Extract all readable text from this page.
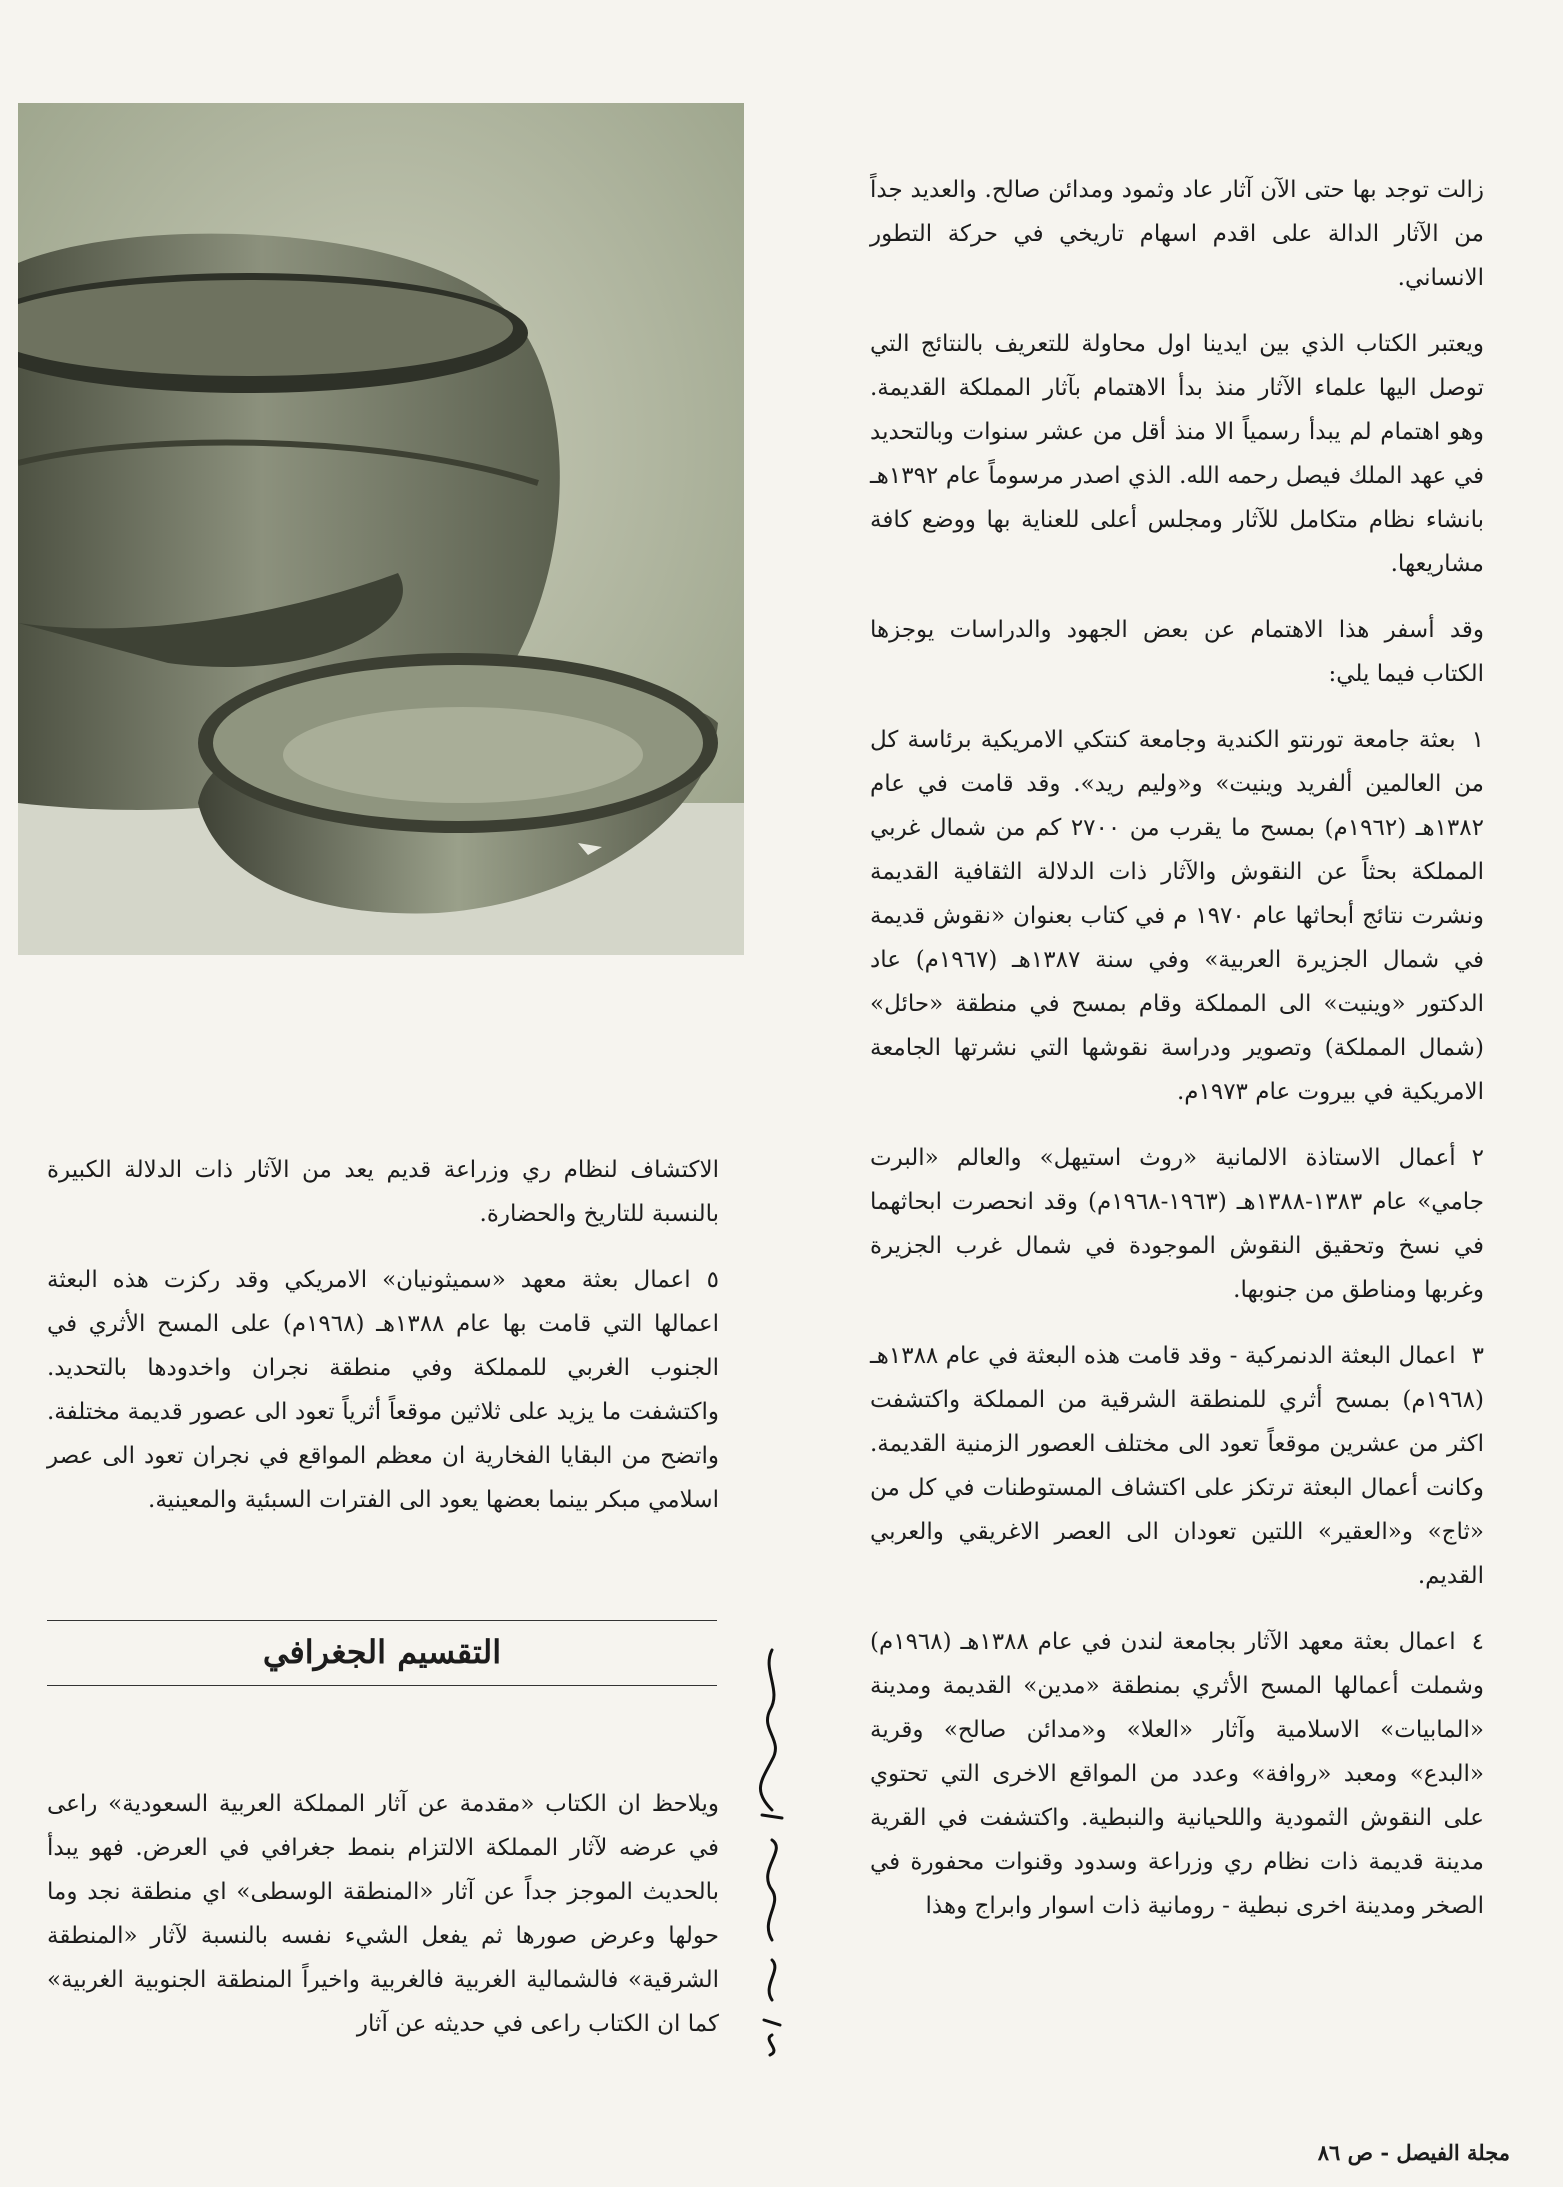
زالت توجد بها حتى الآن آثار عاد وثمود ومدائن صالح. والعديد جداً من الآثار الدالة على اقدم اسهام تاريخي في حركة التطور الانساني.

ويعتبر الكتاب الذي بين ايدينا اول محاولة للتعريف بالنتائج التي توصل اليها علماء الآثار منذ بدأ الاهتمام بآثار المملكة القديمة. وهو اهتمام لم يبدأ رسمياً الا منذ أقل من عشر سنوات وبالتحديد في عهد الملك فيصل رحمه الله. الذي اصدر مرسوماً عام ١٣٩٢هـ بانشاء نظام متكامل للآثار ومجلس أعلى للعناية بها ووضع كافة مشاريعها.

وقد أسفر هذا الاهتمام عن بعض الجهود والدراسات يوجزها الكتاب فيما يلي:

١بعثة جامعة تورنتو الكندية وجامعة كنتكي الامريكية برئاسة كل من العالمين ألفريد وينيت» و«وليم ريد». وقد قامت في عام ١٣٨٢هـ (١٩٦٢م) بمسح ما يقرب من ٢٧٠٠ كم من شمال غربي المملكة بحثاً عن النقوش والآثار ذات الدلالة الثقافية القديمة ونشرت نتائج أبحاثها عام ١٩٧٠ م في كتاب بعنوان «نقوش قديمة في شمال الجزيرة العربية» وفي سنة ١٣٨٧هـ (١٩٦٧م) عاد الدكتور «وينيت» الى المملكة وقام بمسح في منطقة «حائل» (شمال المملكة) وتصوير ودراسة نقوشها التي نشرتها الجامعة الامريكية في بيروت عام ١٩٧٣م.

٢أعمال الاستاذة الالمانية «روث استيهل» والعالم «البرت جامي» عام ١٣٨٣-١٣٨٨هـ (١٩٦٣-١٩٦٨م) وقد انحصرت ابحاثهما في نسخ وتحقيق النقوش الموجودة في شمال غرب الجزيرة وغربها ومناطق من جنوبها.

٣اعمال البعثة الدنمركية - وقد قامت هذه البعثة في عام ١٣٨٨هـ (١٩٦٨م) بمسح أثري للمنطقة الشرقية من المملكة واكتشفت اكثر من عشرين موقعاً تعود الى مختلف العصور الزمنية القديمة. وكانت أعمال البعثة ترتكز على اكتشاف المستوطنات في كل من «ثاج» و«العقير» اللتين تعودان الى العصر الاغريقي والعربي القديم.

٤اعمال بعثة معهد الآثار بجامعة لندن في عام ١٣٨٨هـ (١٩٦٨م) وشملت أعمالها المسح الأثري بمنطقة «مدين» القديمة ومدينة «المابيات» الاسلامية وآثار «العلا» و«مدائن صالح» وقرية «البدع» ومعبد «روافة» وعدد من المواقع الاخرى التي تحتوي على النقوش الثمودية واللحيانية والنبطية. واكتشفت في القرية مدينة قديمة ذات نظام ري وزراعة وسدود وقنوات محفورة في الصخر ومدينة اخرى نبطية - رومانية ذات اسوار وابراج وهذا

الاكتشاف لنظام ري وزراعة قديم يعد من الآثار ذات الدلالة الكبيرة بالنسبة للتاريخ والحضارة.

٥اعمال بعثة معهد «سميثونيان» الامريكي وقد ركزت هذه البعثة اعمالها التي قامت بها عام ١٣٨٨هـ (١٩٦٨م) على المسح الأثري في الجنوب الغربي للمملكة وفي منطقة نجران واخدودها بالتحديد. واكتشفت ما يزيد على ثلاثين موقعاً أثرياً تعود الى عصور قديمة مختلفة. واتضح من البقايا الفخارية ان معظم المواقع في نجران تعود الى عصر اسلامي مبكر بينما بعضها يعود الى الفترات السبئية والمعينية.

التقسيم الجغرافي

ويلاحظ ان الكتاب «مقدمة عن آثار المملكة العربية السعودية» راعى في عرضه لآثار المملكة الالتزام بنمط جغرافي في العرض. فهو يبدأ بالحديث الموجز جداً عن آثار «المنطقة الوسطى» اي منطقة نجد وما حولها وعرض صورها ثم يفعل الشيء نفسه بالنسبة لآثار «المنطقة الشرقية» فالشمالية الغربية فالغربية واخيراً المنطقة الجنوبية الغربية» كما ان الكتاب راعى في حديثه عن آثار

مجلة الفيصل - ص ٨٦
